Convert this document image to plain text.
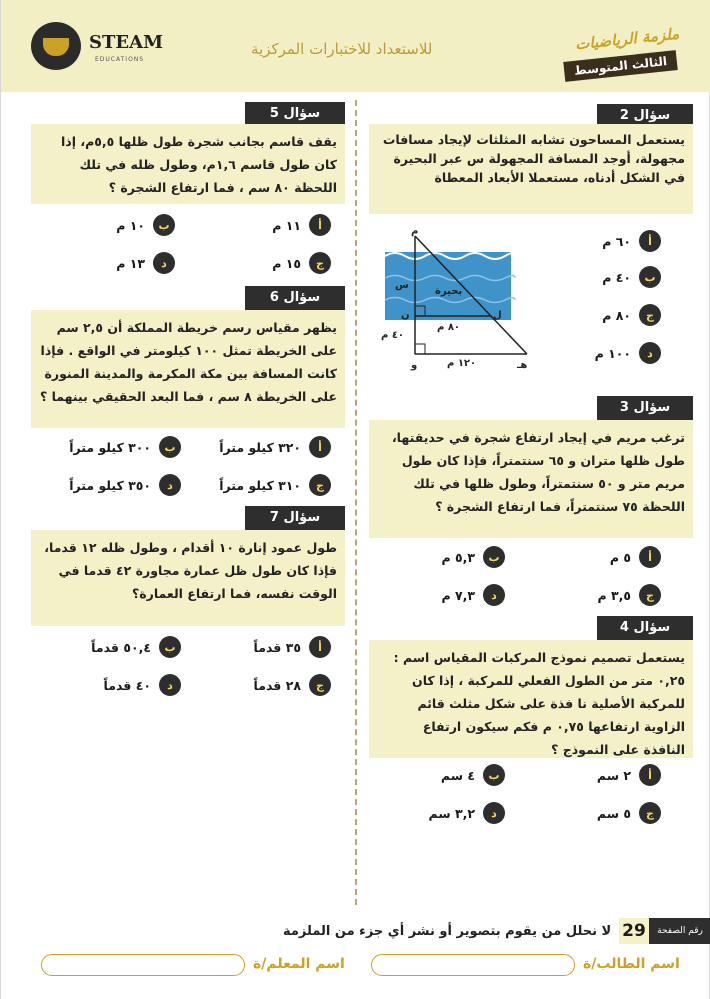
STEAM
EDUCATIONS
للاستعداد للاختبارات المركزية	ملزمة الرياضيات
الثالث المتوسط
سؤال 2
يستعمل المساحون تشابه المثلثات لإيجاد مسافات مجهولة، أوجد المسافة المجهولة س عبر البحيرة في الشكل أدناه، مستعملا الأبعاد المعطاة
م
س
بحيرة
ن	ل
٨٠ م
٤٠ م
و	١٢٠ م	هـ
أ
٦٠ م
ب
٤٠ م
ج
٨٠ م
د
١٠٠ م
سؤال 3
ترغب مريم في إيجاد ارتفاع شجرة في حديقتها، طول ظلها متران و ٦٥ سنتمتراً، فإذا كان طول مريم متر و ٥٠ سنتمتراً، وطول ظلها في تلك اللحظة ٧٥ سنتمتراً، فما ارتفاع الشجرة ؟
أ
٥ م
ب
٥,٣ م
ج
٣,٥ م
د
٧,٣ م
سؤال 4
يستعمل تصميم نموذج المركبات المقياس اسم : ٠,٢٥ متر من الطول الفعلي للمركبة ، إذا كان للمركبة الأصلية نا فذة على شكل مثلث قائم الزاوية ارتفاعها ٠,٧٥ م فكم سيكون ارتفاع النافذة على النموذج ؟
أ
٢ سم
ب
٤ سم
ج
٥ سم
د
٣,٢ سم
سؤال 5
يقف قاسم بجانب شجرة طول ظلها ٥,٥م، إذا كان طول قاسم ١,٦م، وطول ظله في تلك اللحظة ٨٠ سم ، فما ارتفاع الشجرة ؟
أ
١١ م
ب
١٠ م
ج
١٥ م
د
١٣ م
سؤال 6
يظهر مقياس رسم خريطة المملكة أن ٢,٥ سم على الخريطة تمثل ١٠٠ كيلومتر في الواقع . فإذا كانت المسافة بين مكة المكرمة والمدينة المنورة على الخريطة ٨ سم ، فما البعد الحقيقي بينهما ؟
أ
٣٢٠ كيلو متراً
ب
٣٠٠ كيلو متراً
ج
٣١٠ كيلو متراً
د
٣٥٠ كيلو متراً
سؤال 7
طول عمود إنارة ١٠ أقدام ، وطول ظله ١٢ قدما، فإذا كان طول ظل عمارة مجاورة ٤٢ قدما في الوقت نفسه، فما ارتفاع العمارة؟
أ
٣٥ قدماً
ب
٥٠,٤ قدماً
ج
٢٨ قدماً
د
٤٠ قدماً
لا نحلل من يقوم بتصوير أو نشر أي جزء من الملزمة 29	رقم الصفحة
اسم الطالب/ة
اسم المعلم/ة
